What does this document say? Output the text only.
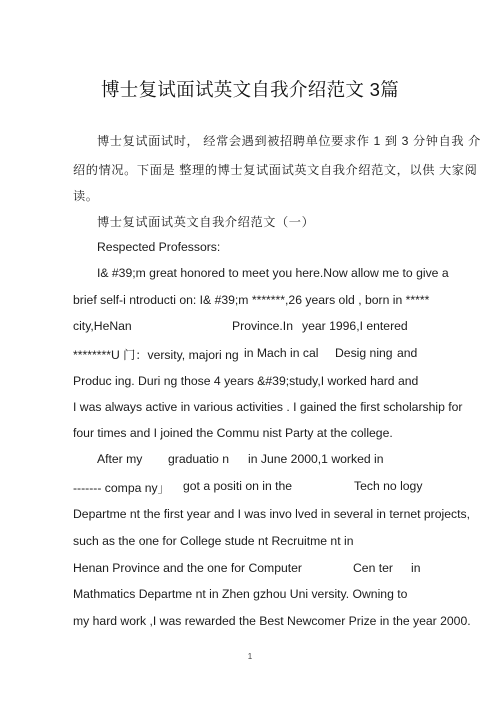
博士复试面试英文自我介绍范文 3篇
博士复试面试时， 经常会遇到被招聘单位要求作 1 到 3 分钟自我 介
绍的情况。下面是 整理的博士复试面试英文自我介绍范文，以供 大家阅
读。
博士复试面试英文自我介绍范文（一）
Respected Professors:
I& #39;m great honored to meet you here.Now allow me to give a
brief self-i ntroducti on: I& #39;m *******,26 years old , born in *****
city,HeNan	Province.In year 1996,I entered
********U 门：versity, majori ng in Mach in cal Desig ning and
Produc ing. Duri ng those 4 years &#39;study,I worked hard and
I was always active in various activities . I gained the first scholarship for
four times and I joined the Commu nist Party at the college.
After my graduatio n in June 2000,1 worked in
------- compa ny」 got a positi on in the	Tech no logy
Departme nt the first year and I was invo lved in several in ternet projects,
such as the one for College stude nt Recruitme nt in
Henan Province and the one for Computer	Cen ter in
Mathmatics Departme nt in Zhen gzhou Uni versity. Owning to
my hard work ,I was rewarded the Best Newcomer Prize in the year 2000.
1
